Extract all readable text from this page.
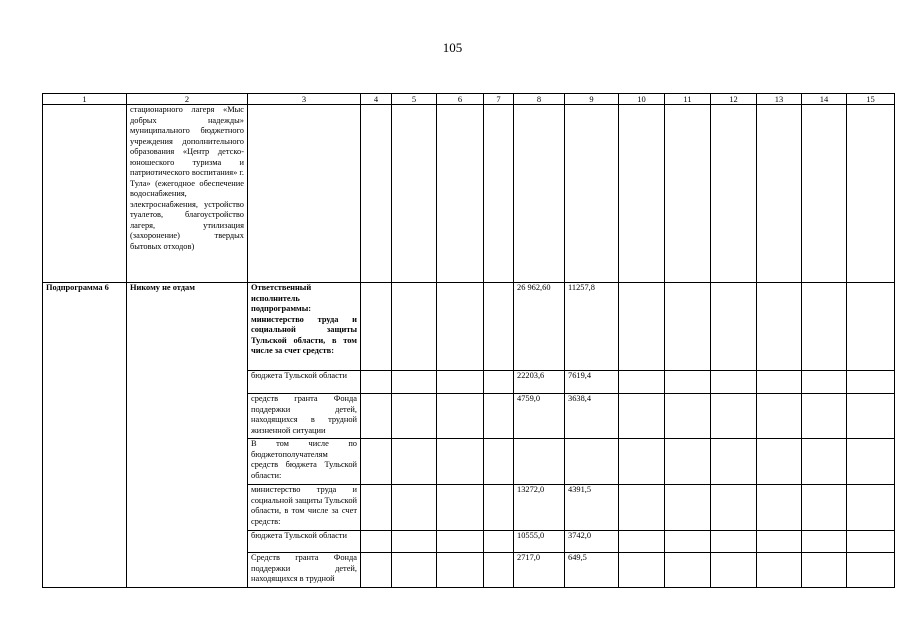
105
1	2	3	4	5	6	7	8	9	10	11	12	13	14	15
	стационарного лагеря «Мыс добрых надежды» муниципального бюджетного учреждения дополнительного образования «Центр детско-юношеского туризма и патриотического воспитания» г. Тула» (ежегодное обеспечение водоснабжения, электроснабжения, устройство туалетов, благоустройство лагеря, утилизация (захоронение) твердых бытовых отходов)													
Подпрограмма 6	Никому не отдам	Ответственный исполнитель подпрограммы: министерство труда и социальной защиты Тульской области, в том числе за счет средств:					26 962,60	11257,8						
		бюджета Тульской области					22203,6	7619,4						
		средств гранта Фонда поддержки детей, находящихся в трудной жизненной ситуации					4759,0	3638,4						
		В том числе по бюджетополучателям средств бюджета Тульской области:												
		министерство труда и социальной защиты Тульской области, в том числе за счет средств:					13272,0	4391,5						
		бюджета Тульской области					10555,0	3742,0						
		Средств гранта Фонда поддержки детей, находящихся в трудной					2717,0	649,5						
